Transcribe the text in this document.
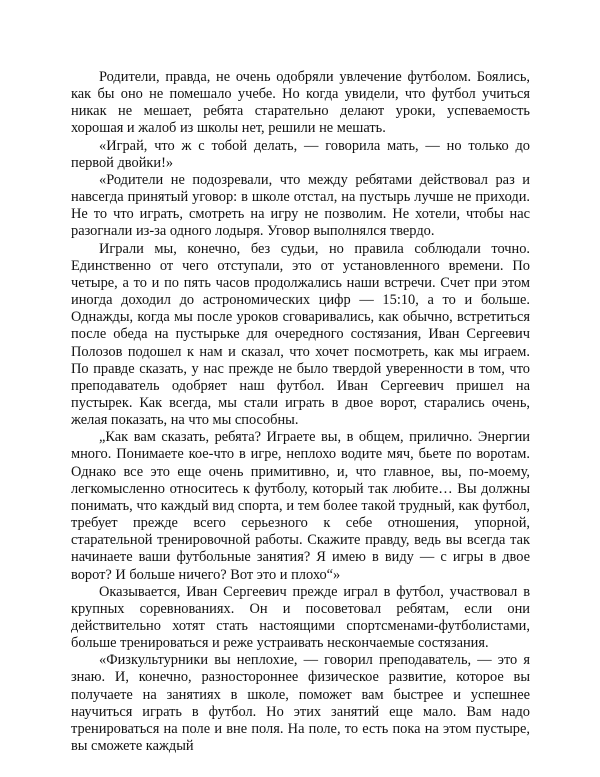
Родители, правда, не очень одобряли увлечение футболом. Боялись, как бы оно не помешало учебе. Но когда увидели, что футбол учиться никак не мешает, ребята старательно делают уроки, успеваемость хорошая и жалоб из школы нет, решили не мешать.

«Играй, что ж с тобой делать, — говорила мать, — но только до первой двойки!»

«Родители не подозревали, что между ребятами действовал раз и навсегда принятый уговор: в школе отстал, на пустырь лучше не приходи. Не то что играть, смотреть на игру не позволим. Не хотели, чтобы нас разогнали из-за одного лодыря. Уговор выполнялся твердо.

Играли мы, конечно, без судьи, но правила соблюдали точно. Единственно от чего отступали, это от установленного времени. По четыре, а то и по пять часов продолжались наши встречи. Счет при этом иногда доходил до астрономических цифр — 15:10, а то и больше. Однажды, когда мы после уроков сговаривались, как обычно, встретиться после обеда на пустырьке для очередного состязания, Иван Сергеевич Полозов подошел к нам и сказал, что хочет посмотреть, как мы играем. По правде сказать, у нас прежде не было твердой уверенности в том, что преподаватель одобряет наш футбол. Иван Сергеевич пришел на пустырек. Как всегда, мы стали играть в двое ворот, старались очень, желая показать, на что мы способны.

„Как вам сказать, ребята? Играете вы, в общем, прилично. Энергии много. Понимаете кое-что в игре, неплохо водите мяч, бьете по воротам. Однако все это еще очень примитивно, и, что главное, вы, по-моему, легкомысленно относитесь к футболу, который так любите… Вы должны понимать, что каждый вид спорта, и тем более такой трудный, как футбол, требует прежде всего серьезного к себе отношения, упорной, старательной тренировочной работы. Скажите правду, ведь вы всегда так начинаете ваши футбольные занятия? Я имею в виду — с игры в двое ворот? И больше ничего? Вот это и плохо“»

Оказывается, Иван Сергеевич прежде играл в футбол, участвовал в крупных соревнованиях. Он и посоветовал ребятам, если они действительно хотят стать настоящими спортсменами-футболистами, больше тренироваться и реже устраивать нескончаемые состязания.

«Физкультурники вы неплохие, — говорил преподаватель, — это я знаю. И, конечно, разностороннее физическое развитие, которое вы получаете на занятиях в школе, поможет вам быстрее и успешнее научиться играть в футбол. Но этих занятий еще мало. Вам надо тренироваться на поле и вне поля. На поле, то есть пока на этом пустыре, вы сможете каждый
